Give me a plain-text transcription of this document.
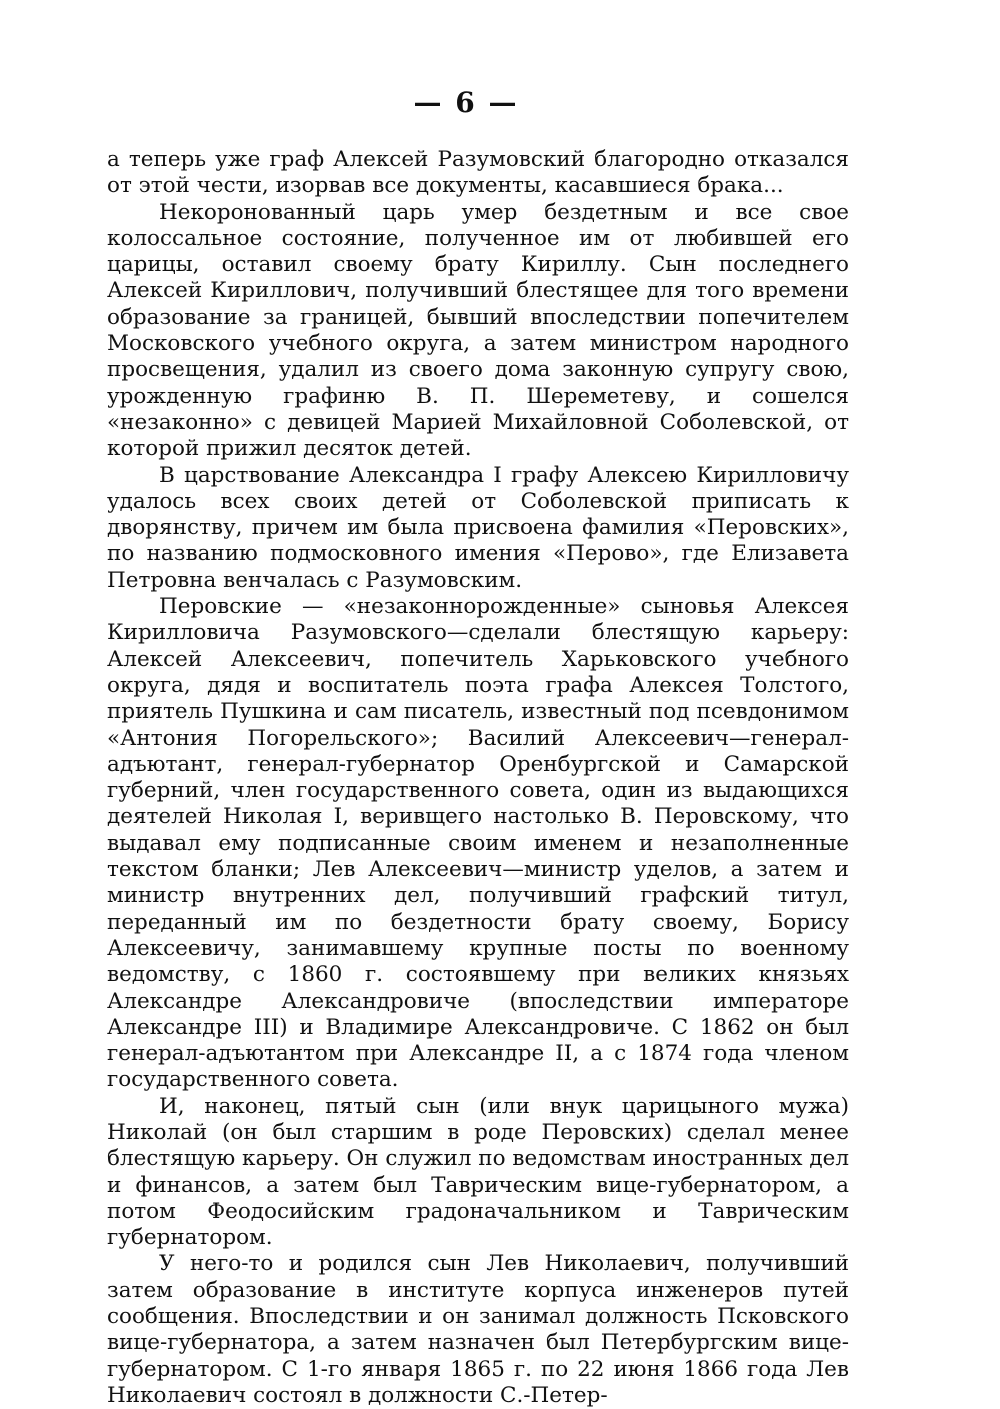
— 6 —

а теперь уже граф Алексей Разумовский благородно отказался от этой чести, изорвав все документы, касавшиеся брака...

Некоронованный царь умер бездетным и все свое колоссальное состояние, полученное им от любившей его царицы, оставил своему брату Кириллу. Сын последнего Алексей Кириллович, получивший блестящее для того времени образование за границей, бывший впоследствии попечителем Московского учебного округа, а затем министром народного просвещения, удалил из своего дома законную супругу свою, урожденную графиню В. П. Шереметеву, и сошелся «незаконно» с девицей Марией Михайловной Соболевской, от которой прижил десяток детей.

В царствование Александра I графу Алексею Кирилловичу удалось всех своих детей от Соболевской приписать к дворянству, причем им была присвоена фамилия «Перовских», по названию подмосковного имения «Перово», где Елизавета Петровна венчалась с Разумовским.

Перовские — «незаконнорожденные» сыновья Алексея Кирилловича Разумовского—сделали блестящую карьеру: Алексей Алексеевич, попечитель Харьковского учебного округа, дядя и воспитатель поэта графа Алексея Толстого, приятель Пушкина и сам писатель, известный под псевдонимом «Антония Погорельского»; Василий Алексеевич—генерал-адъютант, генерал-губернатор Оренбургской и Самарской губерний, член государственного совета, один из выдающихся деятелей Николая I, веривщего настолько В. Перовскому, что выдавал ему подписанные своим именем и незаполненные текстом бланки; Лев Алексеевич—министр уделов, а затем и министр внутренних дел, получивший графский титул, переданный им по бездетности брату своему, Борису Алексеевичу, занимавшему крупные посты по военному ведомству, с 1860 г. состоявшему при великих князьях Александре Александровиче (впоследствии императоре Александре III) и Владимире Александровиче. С 1862 он был генерал-адъютантом при Александре II, а с 1874 года членом государственного совета.

И, наконец, пятый сын (или внук царицыного мужа) Николай (он был старшим в роде Перовских) сделал менее блестящую карьеру. Он служил по ведомствам иностранных дел и финансов, а затем был Таврическим вице-губернатором, а потом Феодосийским градоначальником и Таврическим губернатором.

У него-то и родился сын Лев Николаевич, получивший затем образование в институте корпуса инженеров путей сообщения. Впоследствии и он занимал должность Псковского вице-губернатора, а затем назначен был Петербургским вице-губернатором. С 1-го января 1865 г. по 22 июня 1866 года Лев Николаевич состоял в должности С.-Петер-
